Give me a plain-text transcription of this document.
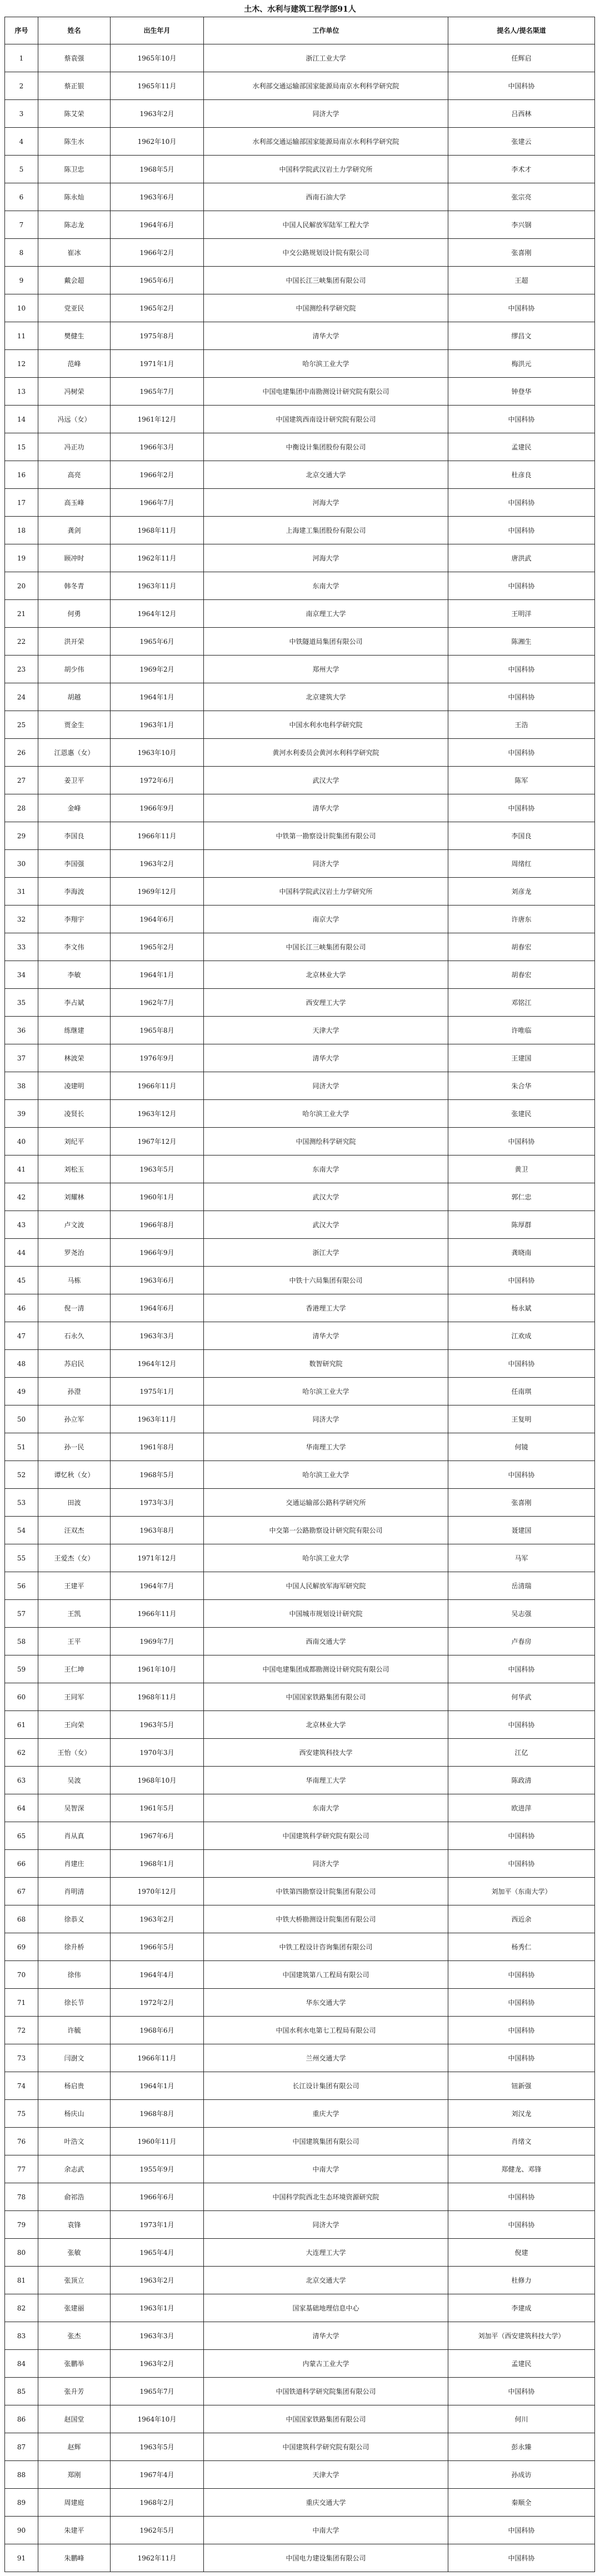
土木、水利与建筑工程学部91人
序号	姓名	出生年月	工作单位	提名人/提名渠道
1	蔡袁强	1965年10月	浙江工业大学	任辉启
2	蔡正银	1965年11月	水利部交通运输部国家能源局南京水利科学研究院	中国科协
3	陈艾荣	1963年2月	同济大学	吕西林
4	陈生水	1962年10月	水利部交通运输部国家能源局南京水利科学研究院	张建云
5	陈卫忠	1968年5月	中国科学院武汉岩土力学研究所	李术才
6	陈永灿	1963年6月	西南石油大学	张宗亮
7	陈志龙	1964年6月	中国人民解放军陆军工程大学	李兴钢
8	崔冰	1966年2月	中交公路规划设计院有限公司	张喜刚
9	戴会超	1965年6月	中国长江三峡集团有限公司	王超
10	党亚民	1965年2月	中国测绘科学研究院	中国科协
11	樊健生	1975年8月	清华大学	缪昌文
12	范峰	1971年1月	哈尔滨工业大学	梅洪元
13	冯树荣	1965年7月	中国电建集团中南勘测设计研究院有限公司	钟登华
14	冯远（女）	1961年12月	中国建筑西南设计研究院有限公司	中国科协
15	冯正功	1966年3月	中衡设计集团股份有限公司	孟建民
16	高亮	1966年2月	北京交通大学	杜彦良
17	高玉峰	1966年7月	河海大学	中国科协
18	龚剑	1968年11月	上海建工集团股份有限公司	中国科协
19	顾冲时	1962年11月	河海大学	唐洪武
20	韩冬青	1963年11月	东南大学	中国科协
21	何勇	1964年12月	南京理工大学	王明洋
22	洪开荣	1965年6月	中铁隧道局集团有限公司	陈湘生
23	胡少伟	1969年2月	郑州大学	中国科协
24	胡越	1964年1月	北京建筑大学	中国科协
25	贾金生	1963年1月	中国水利水电科学研究院	王浩
26	江恩惠（女）	1963年10月	黄河水利委员会黄河水利科学研究院	中国科协
27	姜卫平	1972年6月	武汉大学	陈军
28	金峰	1966年9月	清华大学	中国科协
29	李国良	1966年11月	中铁第一勘察设计院集团有限公司	李国良
30	李国强	1963年2月	同济大学	周绪红
31	李海波	1969年12月	中国科学院武汉岩土力学研究所	刘彦龙
32	李翔宇	1964年6月	南京大学	许唐东
33	李文伟	1965年2月	中国长江三峡集团有限公司	胡春宏
34	李敏	1964年1月	北京林业大学	胡春宏
35	李占斌	1962年7月	西安理工大学	邓铭江
36	练继建	1965年8月	天津大学	许唯临
37	林波荣	1976年9月	清华大学	王建国
38	凌建明	1966年11月	同济大学	朱合华
39	凌贤长	1963年12月	哈尔滨工业大学	张建民
40	刘纪平	1967年12月	中国测绘科学研究院	中国科协
41	刘松玉	1963年5月	东南大学	黄卫
42	刘耀林	1960年1月	武汉大学	郭仁忠
43	卢文波	1966年8月	武汉大学	陈厚群
44	罗尧治	1966年9月	浙江大学	龚晓南
45	马栋	1963年6月	中铁十六局集团有限公司	中国科协
46	倪一清	1964年6月	香港理工大学	杨永斌
47	石永久	1963年3月	清华大学	江欢成
48	苏启民	1964年12月	数智研究院	中国科协
49	孙澄	1975年1月	哈尔滨工业大学	任南琪
50	孙立军	1963年11月	同济大学	王复明
51	孙一民	1961年8月	华南理工大学	何镜
52	谭忆秋（女）	1968年5月	哈尔滨工业大学	中国科协
53	田波	1973年3月	交通运输部公路科学研究所	张喜刚
54	汪双杰	1963年8月	中交第一公路勘察设计研究院有限公司	聂建国
55	王爱杰（女）	1971年12月	哈尔滨工业大学	马军
56	王建平	1964年7月	中国人民解放军海军研究院	岳清瑞
57	王凯	1966年11月	中国城市规划设计研究院	吴志强
58	王平	1969年7月	西南交通大学	卢春房
59	王仁坤	1961年10月	中国电建集团成都勘测设计研究院有限公司	中国科协
60	王同军	1968年11月	中国国家铁路集团有限公司	何华武
61	王向荣	1963年5月	北京林业大学	中国科协
62	王怡（女）	1970年3月	西安建筑科技大学	江亿
63	吴波	1968年10月	华南理工大学	陈政清
64	吴智深	1961年5月	东南大学	欧进萍
65	肖从真	1967年6月	中国建筑科学研究院有限公司	中国科协
66	肖建庄	1968年1月	同济大学	中国科协
67	肖明清	1970年12月	中铁第四勘察设计院集团有限公司	刘加平（东南大学）
68	徐恭义	1963年2月	中铁大桥勘测设计院集团有限公司	西近余
69	徐升桥	1966年5月	中铁工程设计咨询集团有限公司	杨秀仁
70	徐伟	1964年4月	中国建筑第八工程局有限公司	中国科协
71	徐长节	1972年2月	华东交通大学	中国科协
72	许毓	1968年6月	中国水利水电第七工程局有限公司	中国科协
73	闫澍文	1966年11月	兰州交通大学	中国科协
74	杨启贵	1964年1月	长江设计集团有限公司	钮新强
75	杨庆山	1968年8月	重庆大学	刘汉龙
76	叶浩文	1960年11月	中国建筑集团有限公司	肖绪文
77	余志武	1955年9月	中南大学	郑健龙、邓锋
78	俞祁浩	1966年6月	中国科学院西北生态环境资源研究院	中国科协
79	袁锋	1973年1月	同济大学	中国科协
80	张敏	1965年4月	大连理工大学	倪建
81	张顶立	1963年2月	北京交通大学	杜修力
82	张建丽	1963年1月	国家基础地理信息中心	李建成
83	张杰	1963年3月	清华大学	刘加平（西安建筑科技大学）
84	张鹏举	1963年2月	内蒙古工业大学	孟建民
85	张升芳	1965年7月	中国铁道科学研究院集团有限公司	中国科协
86	赵国堂	1964年10月	中国国家铁路集团有限公司	何川
87	赵辉	1963年5月	中国建筑科学研究院有限公司	彭永臻
88	郑刚	1967年4月	天津大学	孙成访
89	周建庭	1968年2月	重庆交通大学	秦顺全
90	朱建平	1962年5月	中南大学	中国科协
91	朱鹏峰	1962年11月	中国电力建设集团有限公司	中国科协
